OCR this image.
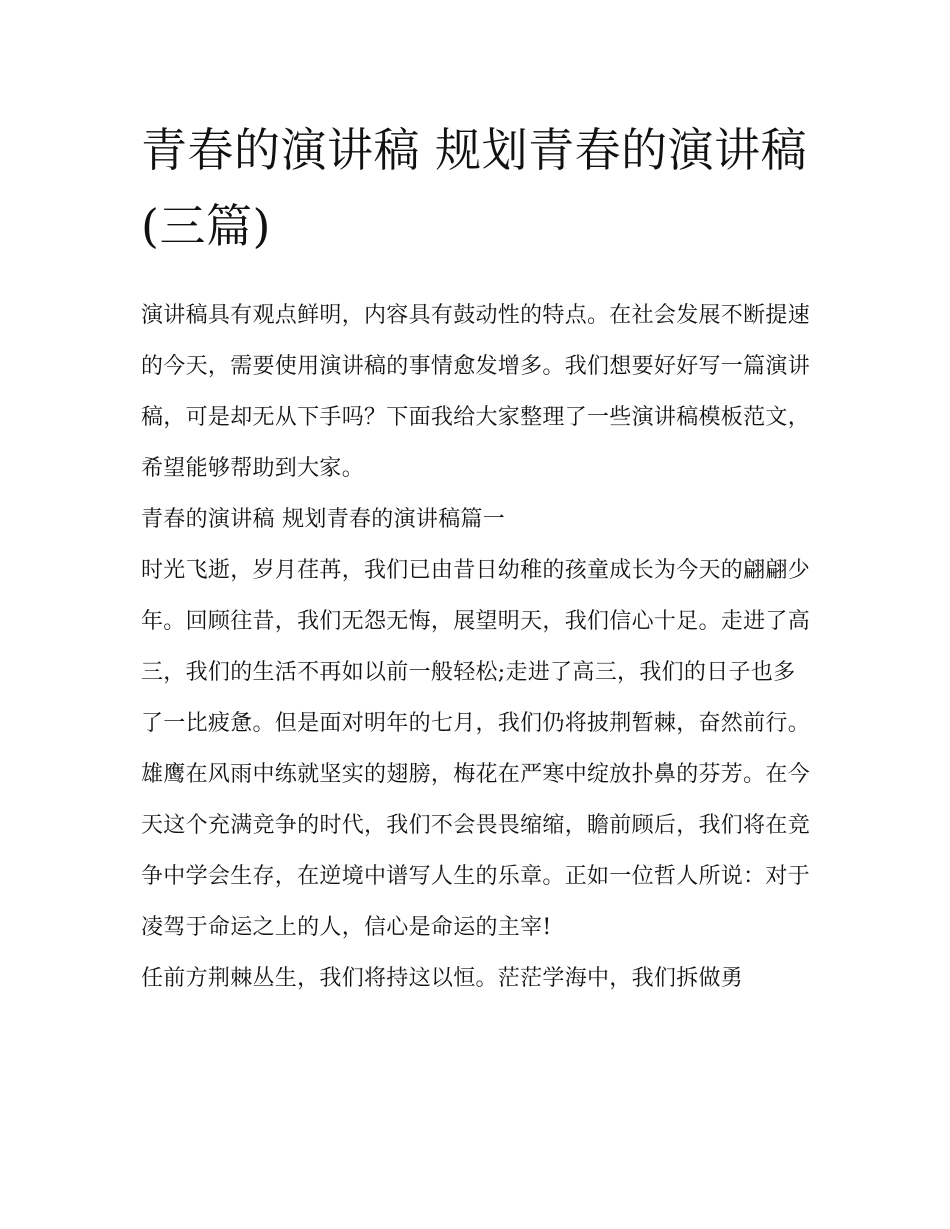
青春的演讲稿 规划青春的演讲稿(三篇)

演讲稿具有观点鲜明，内容具有鼓动性的特点。在社会发展不断提速的今天，需要使用演讲稿的事情愈发增多。我们想要好好写一篇演讲稿，可是却无从下手吗？下面我给大家整理了一些演讲稿模板范文，希望能够帮助到大家。

青春的演讲稿 规划青春的演讲稿篇一

时光飞逝，岁月荏苒，我们已由昔日幼稚的孩童成长为今天的翩翩少年。回顾往昔，我们无怨无悔，展望明天，我们信心十足。走进了高三，我们的生活不再如以前一般轻松;走进了高三，我们的日子也多了一比疲惫。但是面对明年的七月，我们仍将披荆暂棘，奋然前行。

雄鹰在风雨中练就坚实的翅膀，梅花在严寒中绽放扑鼻的芬芳。在今天这个充满竞争的时代，我们不会畏畏缩缩，瞻前顾后，我们将在竞争中学会生存，在逆境中谱写人生的乐章。正如一位哲人所说：对于凌驾于命运之上的人，信心是命运的主宰!

任前方荆棘丛生，我们将持这以恒。茫茫学海中，我们拆做勇
